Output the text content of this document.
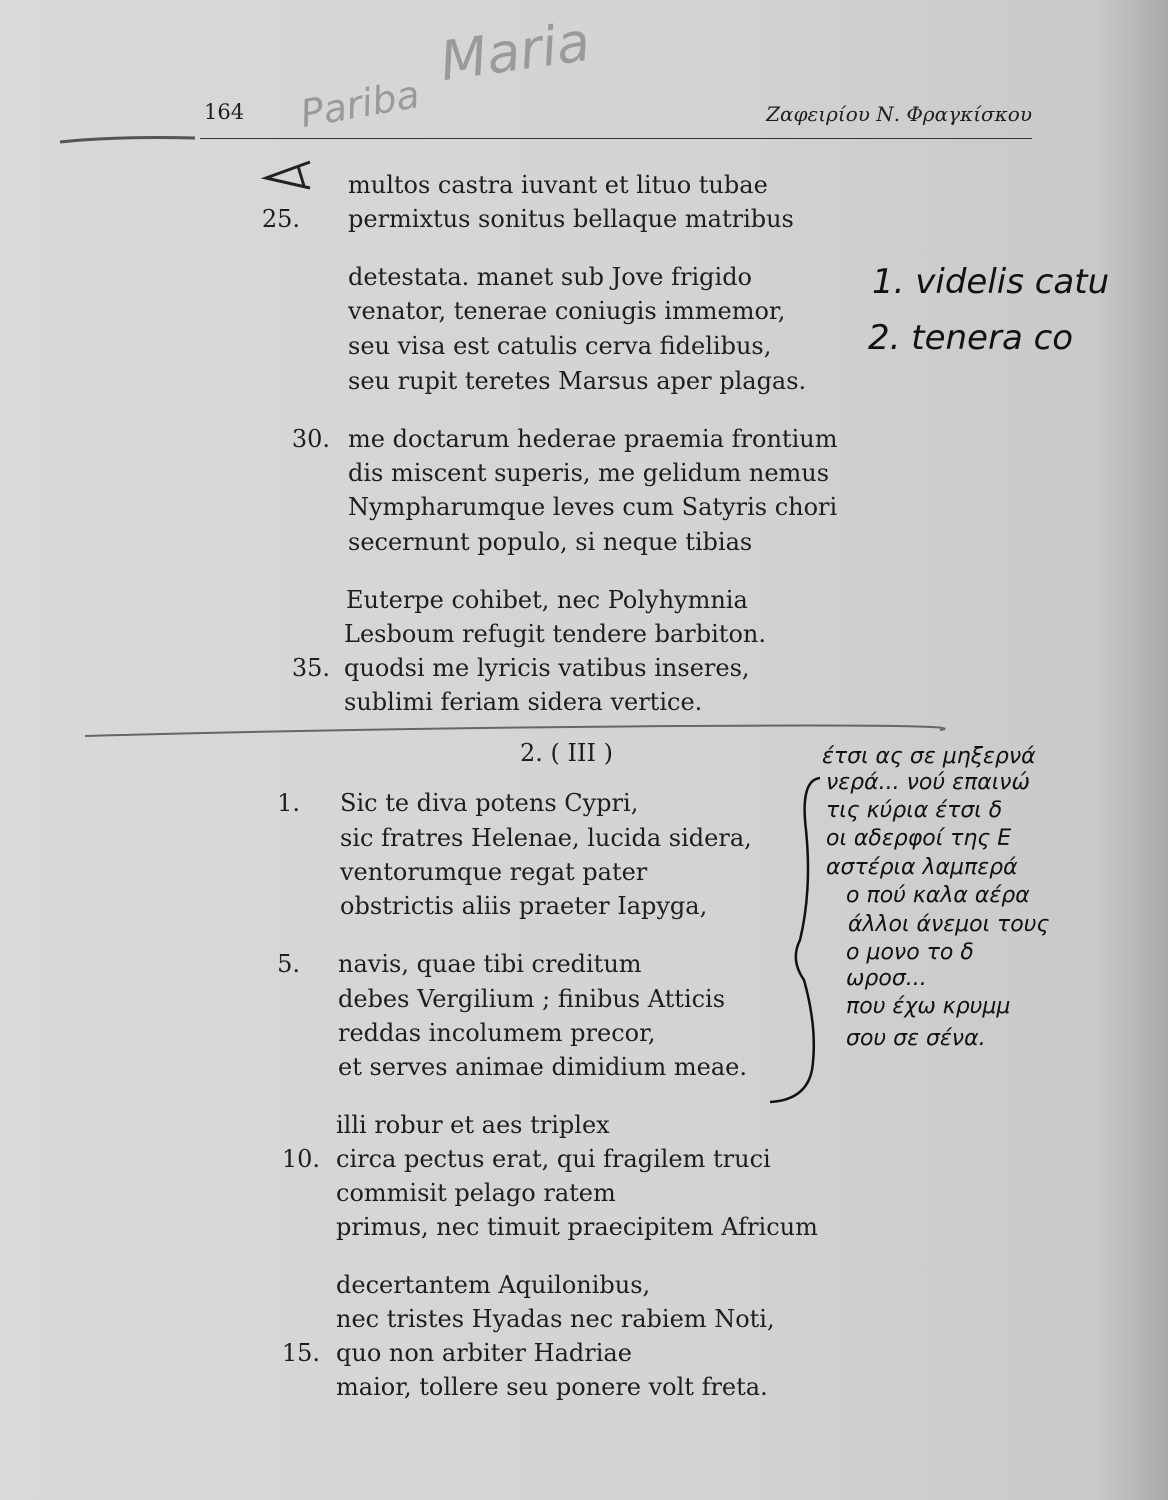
164	Ζαφειρίου Ν. Φραγκίσκου
Maria
Pariba
multos castra iuvant et lituo tubae
25. permixtus sonitus bellaque matribus
detestata. manet sub Jove frigido
venator, tenerae coniugis immemor,
seu visa est catulis cerva fidelibus,
seu rupit teretes Marsus aper plagas.
30. me doctarum hederae praemia frontium
dis miscent superis, me gelidum nemus
Nympharumque leves cum Satyris chori
secernunt populo, si neque tibias
Euterpe cohibet, nec Polyhymnia
Lesboum refugit tendere barbiton.
35. quodsi me lyricis vatibus inseres,
sublimi feriam sidera vertice.
2. ( III )
1. Sic te diva potens Cypri,
sic fratres Helenae, lucida sidera,
ventorumque regat pater
obstrictis aliis praeter Iapyga,
5. navis, quae tibi creditum
debes Vergilium ; finibus Atticis
reddas incolumem precor,
et serves animae dimidium meae.
illi robur et aes triplex
10. circa pectus erat, qui fragilem truci
commisit pelago ratem
primus, nec timuit praecipitem Africum
decertantem Aquilonibus,
nec tristes Hyadas nec rabiem Noti,
15. quo non arbiter Hadriae
maior, tollere seu ponere volt freta.
1. videlis catu
2. tenera co
έτσι ας σε μηξερνά
νερά... νού επαινώ
τις κύρια έτσι δ
οι αδερφοί της Ε
αστέρια λαμπερά
ο πού καλα αέρα
άλλοι άνεμοι τους
ο μονο το δ
ωροσ...
που έχω κρυμμ
σου σε σένα.
